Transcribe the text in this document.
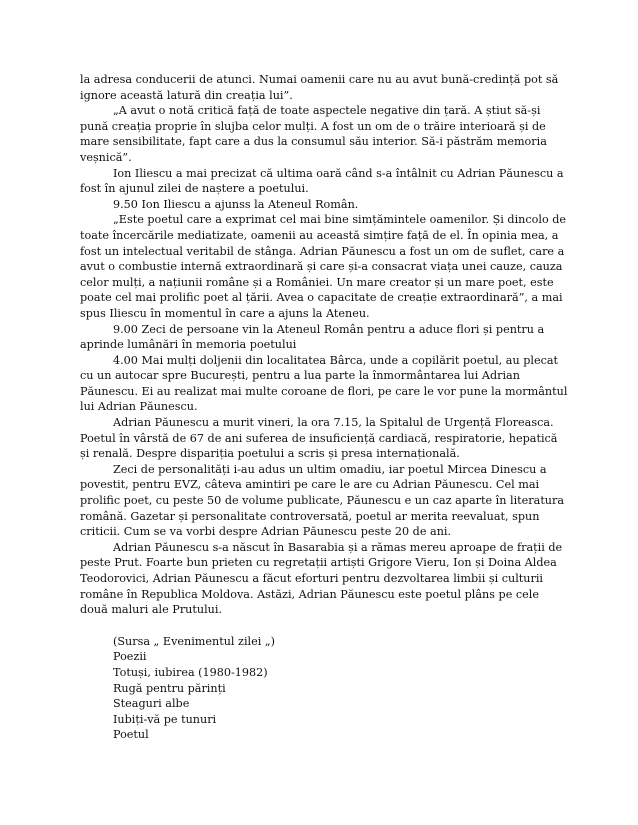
la adresa conducerii de atunci. Numai oamenii care nu au avut bună-credință pot să ignore această latură din creația lui”.

„A avut o notă critică față de toate aspectele negative din țară. A știut să-și pună creația proprie în slujba celor mulți. A fost un om de o trăire interioară și de mare sensibilitate, fapt care a dus la consumul său interior. Să-i păstrăm memoria veșnică”.

Ion Iliescu a mai precizat că ultima oară când s-a întâlnit cu Adrian Păunescu a fost în ajunul zilei de naștere a poetului.

9.50 Ion Iliescu a ajunss la Ateneul Român.

„Este poetul care a exprimat cel mai bine simțămintele oamenilor. Și dincolo de toate încercările mediatizate, oamenii au această simțire față de el. În opinia mea, a fost un intelectual veritabil de stânga. Adrian Păunescu a fost un om de suflet, care a avut o combustie internă extraordinară și care și-a consacrat viața unei cauze, cauza celor mulți, a națiunii române și a României. Un mare creator și un mare poet, este poate cel mai prolific poet al țării. Avea o capacitate de creație extraordinară”, a mai spus Iliescu în momentul în care a ajuns la Ateneu.

9.00 Zeci de persoane vin la Ateneul Român pentru a aduce flori și pentru a aprinde lumânări în memoria poetului

4.00 Mai mulți doljenii din localitatea Bârca, unde a copilărit poetul, au plecat cu un autocar spre București, pentru a lua parte la înmormântarea lui Adrian Păunescu. Ei au realizat mai multe coroane de flori, pe care le vor pune la mormântul lui Adrian Păunescu.

Adrian Păunescu a murit vineri, la ora 7.15, la Spitalul de Urgență Floreasca. Poetul în vârstă de 67 de ani suferea de insuficiență cardiacă, respiratorie, hepatică și renală. Despre dispariția poetului a scris și presa internațională.

Zeci de personalități i-au adus un ultim omadiu, iar poetul Mircea Dinescu a povestit, pentru EVZ, câteva amintiri pe care le are cu Adrian Păunescu. Cel mai prolific poet, cu peste 50 de volume publicate, Păunescu e un caz aparte în literatura română. Gazetar și personalitate controversată, poetul ar merita reevaluat, spun criticii. Cum se va vorbi despre Adrian Păunescu peste 20 de ani.

Adrian Păunescu s-a născut în Basarabia și a rămas mereu aproape de frații de peste Prut. Foarte bun prieten cu regretații artiști Grigore Vieru, Ion și Doina Aldea Teodorovici, Adrian Păunescu a făcut eforturi pentru dezvoltarea limbii și culturii române în Republica Moldova. Astăzi, Adrian Păunescu este poetul plâns pe cele două maluri ale Prutului.

(Sursa „ Evenimentul zilei „)

Poezii

Totuși, iubirea (1980-1982)

Rugă pentru părinți

Steaguri albe

Iubiți-vă pe tunuri

Poetul
